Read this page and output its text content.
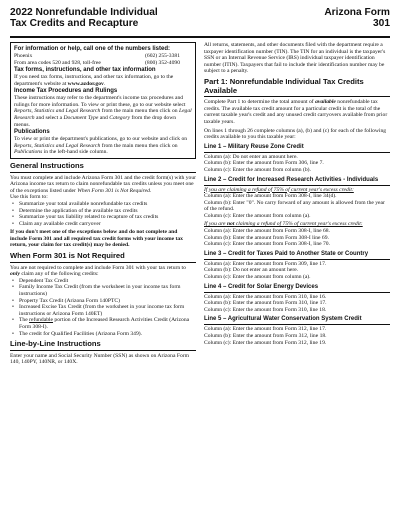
2022 Nonrefundable Individual
Tax Credits and Recapture
Arizona Form
301
For information or help, call one of the numbers listed:
Phoenix	(602) 255-3381
From area codes 520 and 928, toll-free	(800) 352-4090
Tax forms, instructions, and other tax information
If you need tax forms, instructions, and other tax information, go to the department's website at www.azdor.gov.
Income Tax Procedures and Rulings
These instructions may refer to the department's income tax procedures and rulings for more information. To view or print these, go to our website select Reports, Statistics and Legal Research from the main menu then click on Legal Research and select a Document Type and Category from the drop down menus.
Publications
To view or print the department's publications, go to our website and click on Reports, Statistics and Legal Research from the main menu then click on Publications in the left-hand side column.
General Instructions
You must complete and include Arizona Form 301 and the credit form(s) with your Arizona income tax return to claim nonrefundable tax credits unless you meet one of the exceptions listed under When Form 301 is Not Required.
Use this form to:
• Summarize your total available nonrefundable tax credits
• Determine the application of the available tax credits
• Summarize your tax liability related to recapture of tax credits
• Claim any available credit carryover
If you don't meet one of the exceptions below and do not complete and include Form 301 and all required tax credit forms with your income tax return, your claim for tax credit(s) may be denied.
When Form 301 is Not Required
You are not required to complete and include Form 301 with your tax return to only claim any of the following credits:
• Dependent Tax Credit
• Family Income Tax Credit (from the worksheet in your income tax form instructions)
• Property Tax Credit (Arizona Form 140PTC)
• Increased Excise Tax Credit (from the worksheet in your income tax form instructions or Arizona Form 140ET)
• The refundable portion of the Increased Research Activities Credit (Arizona Form 308-I).
• The credit for Qualified Facilities (Arizona Form 349).
Line-by-Line Instructions
Enter your name and Social Security Number (SSN) as shown on Arizona Form 140, 140PY, 140NR, or 140X.
All returns, statements, and other documents filed with the department require a taxpayer identification number (TIN). The TIN for an individual is the taxpayer's SSN or an Internal Revenue Service (IRS) individual taxpayer identification number (ITIN). Taxpayers that fail to include their identification number may be subject to a penalty.
Part 1: Nonrefundable Individual Tax Credits Available
Complete Part 1 to determine the total amount of available nonrefundable tax credits. The available tax credit amount for a particular credit is the total of the current taxable year's credit and any unused credit carryovers available from prior taxable years.
On lines 1 through 26 complete columns (a), (b) and (c) for each of the following credits available to you this taxable year:
Line 1 – Military Reuse Zone Credit
Column (a): Do not enter an amount here.
Column (b): Enter the amount from Form 306, line 7.
Column (c): Enter the amount from column (b).
Line 2 – Credit for Increased Research Activities - Individuals
If you are claiming a refund of 75% of current year's excess credit:
Column (a): Enter the amount from Form 308-I, line 34(d).
Column (b): Enter "0". No carry forward of any amount is allowed from the year of the refund.
Column (c): Enter the amount from column (a).
If you are not claiming a refund of 75% of current year's excess credit:
Column (a): Enter the amount from Form 308-I, line 68.
Column (b): Enter the amount from Form 308-I line 69.
Column (c): Enter the amount from Form 308-I, line 70.
Line 3 – Credit for Taxes Paid to Another State or Country
Column (a): Enter the amount from Form 309, line 17.
Column (b): Do not enter an amount here.
Column (c): Enter the amount from column (a).
Line 4 – Credit for Solar Energy Devices
Column (a): Enter the amount from Form 310, line 16.
Column (b): Enter the amount from Form 310, line 17.
Column (c): Enter the amount from Form 310, line 18.
Line 5 – Agricultural Water Conservation System Credit
Column (a): Enter the amount from Form 312, line 17.
Column (b): Enter the amount from Form 312, line 18.
Column (c): Enter the amount from Form 312, line 19.
